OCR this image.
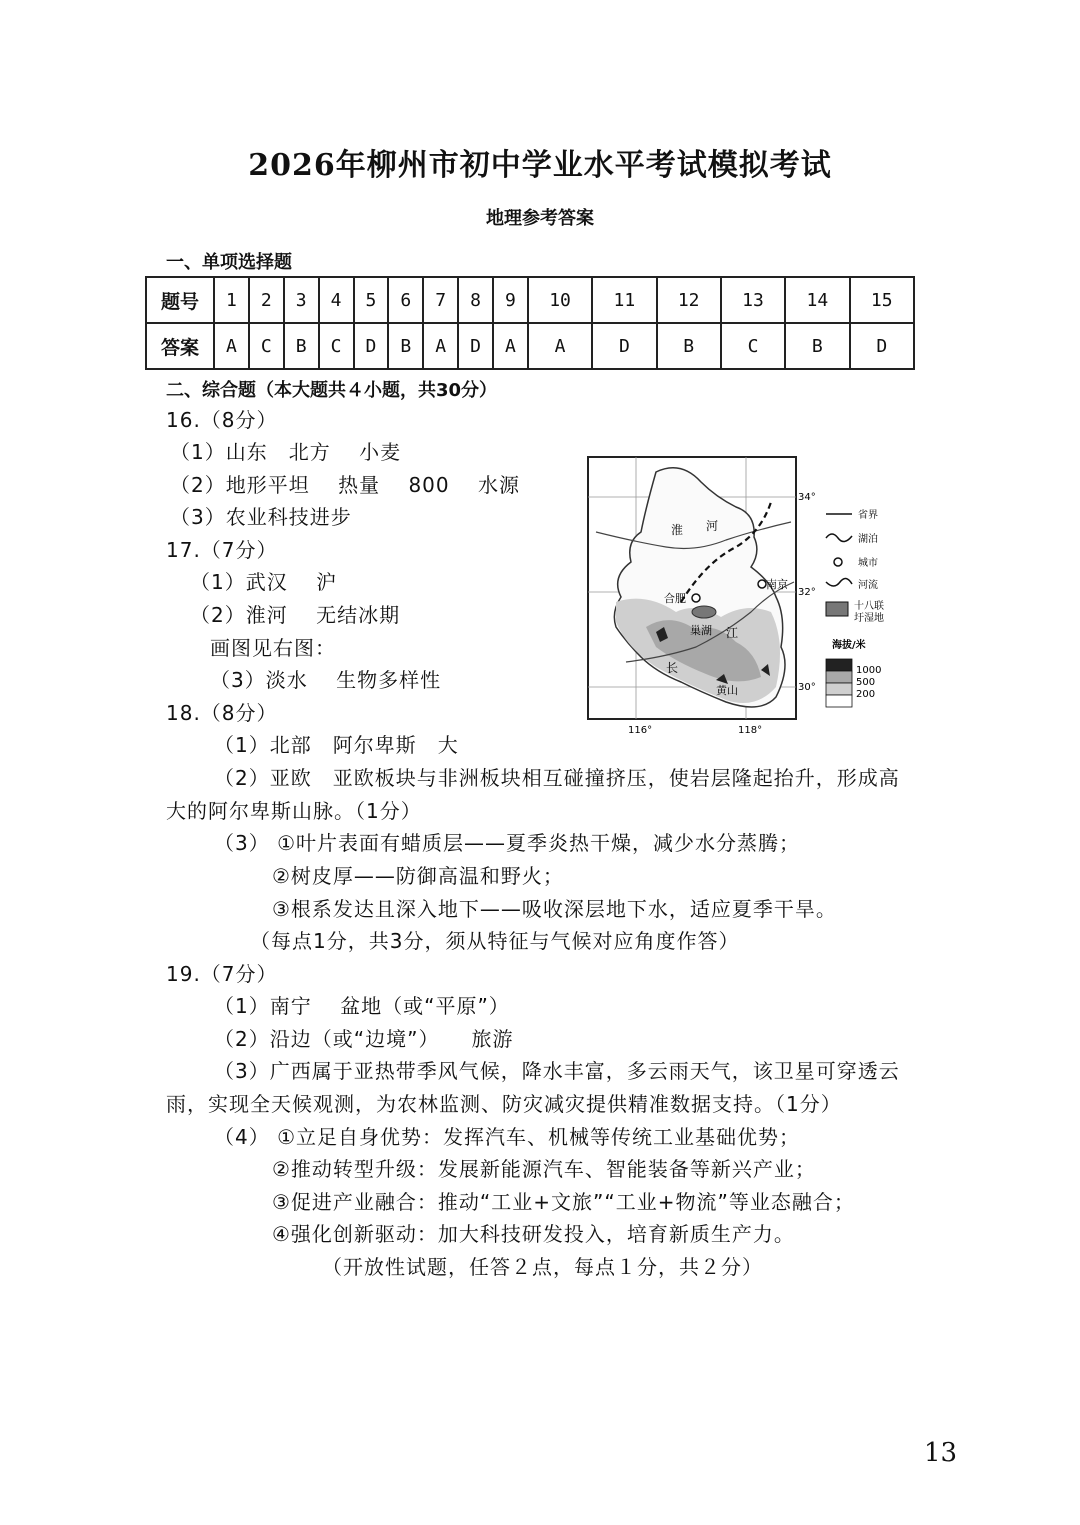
2026年柳州市初中学业水平考试模拟考试
地理参考答案
一、单项选择题
题号	1	2	3	4	5	6	7	8	9	10	11	12	13	14	15
答案	A	C	B	C	D	B	A	D	A	A	D	B	C	B	D
二、综合题（本大题共４小题，共30分）
16.（8分）
（1）山东　北方　 小麦
（2）地形平坦　 热量　 800　 水源
（3）农业科技进步
17.（7分）
（1）武汉　 沪
（2）淮河　 无结冰期
画图见右图：
（3）淡水　 生物多样性
淮 河
南京
合肥
巢湖 江
长
黄山
34°
32°
30°
116°	118°
省界
湖泊
城市
河流
十八联
圩湿地
海拔/米
1000
500
200
18.（8分）
（1）北部　阿尔卑斯　大
（2）亚欧　亚欧板块与非洲板块相互碰撞挤压，使岩层隆起抬升，形成高
大的阿尔卑斯山脉。（1分）
（3） ①叶片表面有蜡质层——夏季炎热干燥，减少水分蒸腾；
②树皮厚——防御高温和野火；
③根系发达且深入地下——吸收深层地下水，适应夏季干旱。
（每点1分，共3分，须从特征与气候对应角度作答）
19.（7分）
（1）南宁　 盆地（或“平原”）
（2）沿边（或“边境”）　　旅游
（3）广西属于亚热带季风气候，降水丰富，多云雨天气，该卫星可穿透云
雨，实现全天候观测，为农林监测、防灾减灾提供精准数据支持。（1分）
（4） ①立足自身优势：发挥汽车、机械等传统工业基础优势；
②推动转型升级：发展新能源汽车、智能装备等新兴产业；
③促进产业融合：推动“工业+文旅”“工业+物流”等业态融合；
④强化创新驱动：加大科技研发投入，培育新质生产力。
（开放性试题，任答２点，每点１分，共２分）
13
